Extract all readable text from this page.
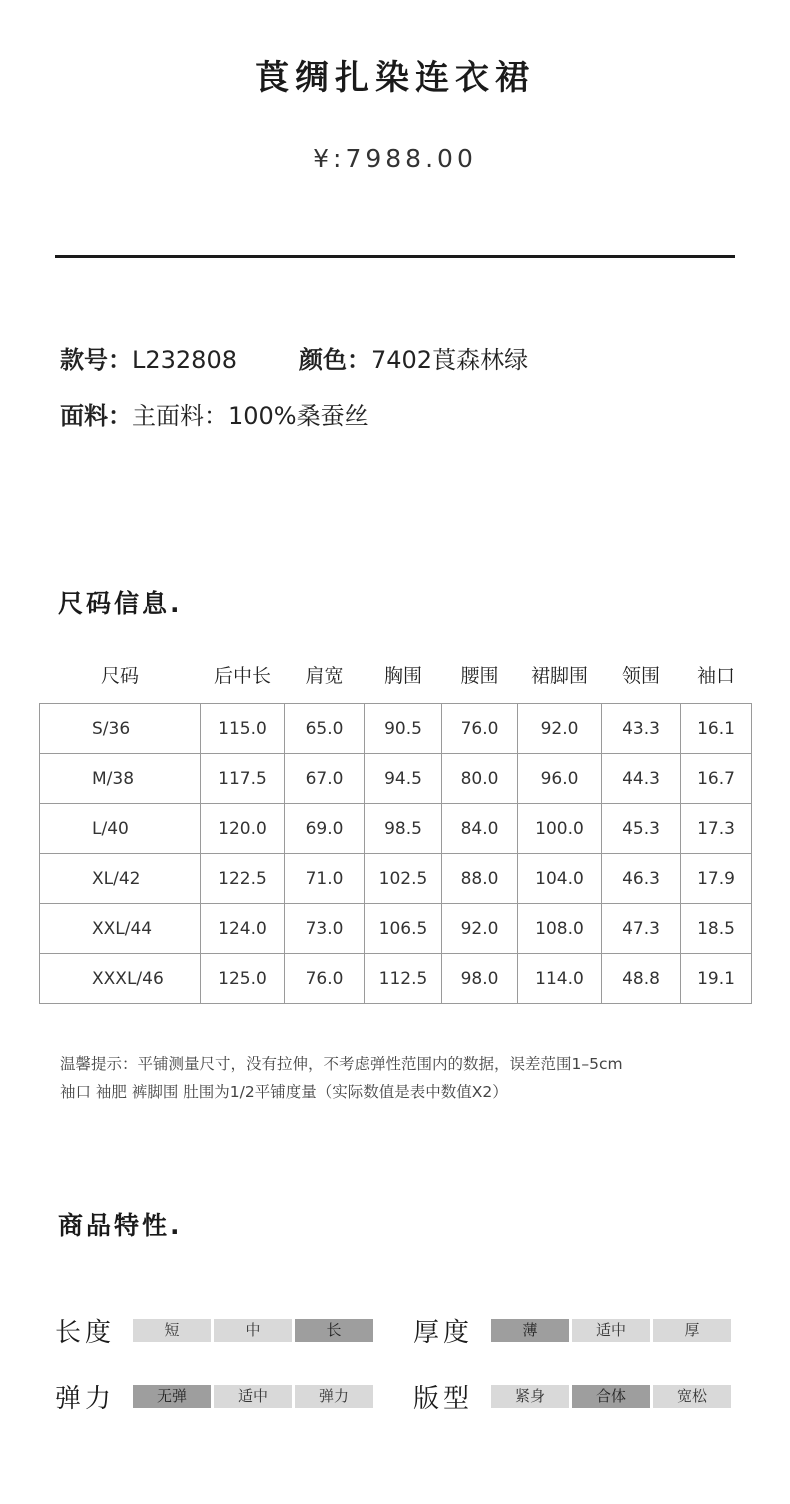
莨绸扎染连衣裙
¥:7988.00
款号：L232808	颜色：7402莨森林绿
面料：主面料：100%桑蚕丝
尺码信息.
尺码	后中长	肩宽	胸围	腰围	裙脚围	领围	袖口

S/36	115.0	65.0	90.5	76.0	92.0	43.3	16.1
M/38	117.5	67.0	94.5	80.0	96.0	44.3	16.7
L/40	120.0	69.0	98.5	84.0	100.0	45.3	17.3
XL/42	122.5	71.0	102.5	88.0	104.0	46.3	17.9
XXL/44	124.0	73.0	106.5	92.0	108.0	47.3	18.5
XXXL/46	125.0	76.0	112.5	98.0	114.0	48.8	19.1
温馨提示：平铺测量尺寸，没有拉伸，不考虑弹性范围内的数据，误差范围1–5cm
袖口 袖肥 裤脚围 肚围为1/2平铺度量（实际数值是表中数值X2）
商品特性.
长度	短	中	长	厚度	薄	适中	厚
弹力	无弹	适中	弹力	版型	紧身	合体	宽松
